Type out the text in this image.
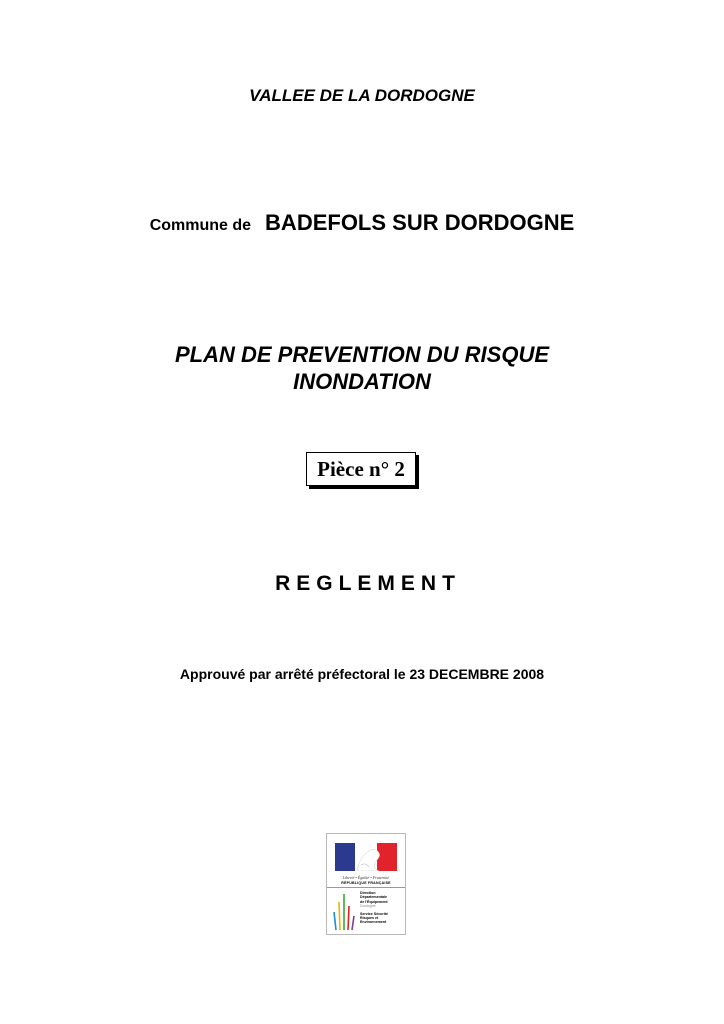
VALLEE DE LA DORDOGNE
Commune de BADEFOLS SUR DORDOGNE
PLAN DE PREVENTION DU RISQUE
INONDATION
Pièce n° 2
REGLEMENT
Approuvé par arrêté préfectoral le 23 DECEMBRE 2008
Liberté • Égalité • Fraternité
RÉPUBLIQUE FRANÇAISE
Direction
Départementale
de l'Équipement
Dordogne
Service Sécurité
Risques et
Environnement
